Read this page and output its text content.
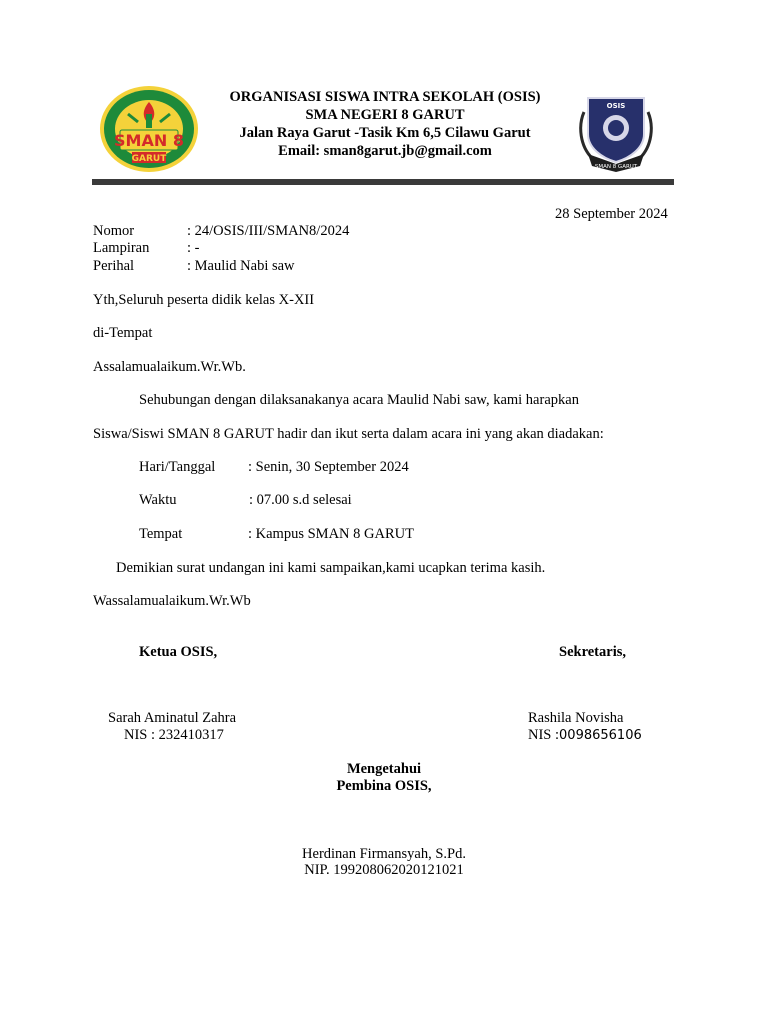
SMAN 8
GARUT
OSIS
SMAN 8 GARUT
ORGANISASI SISWA INTRA SEKOLAH (OSIS)
SMA NEGERI 8 GARUT
Jalan Raya Garut -Tasik Km 6,5 Cilawu Garut
Email: sman8garut.jb@gmail.com
28 September 2024
Nomor	: 24/OSIS/III/SMAN8/2024
Lampiran	: -
Perihal	: Maulid Nabi saw
Yth,Seluruh peserta didik kelas X-XII
di-Tempat
Assalamualaikum.Wr.Wb.
Sehubungan dengan dilaksanakanya acara Maulid Nabi saw, kami harapkan
Siswa/Siswi SMAN 8 GARUT hadir dan ikut serta dalam acara ini yang akan diadakan:
Hari/Tanggal : Senin, 30 September 2024
Waktu	: 07.00 s.d selesai
Tempat	: Kampus SMAN 8 GARUT
Demikian surat undangan ini kami sampaikan,kami ucapkan terima kasih.
Wassalamualaikum.Wr.Wb
Ketua OSIS,	Sekretaris,
Sarah Aminatul Zahra
NIS : 232410317
Rashila Novisha
NIS :0098656106
Mengetahui
Pembina OSIS,
Herdinan Firmansyah, S.Pd.
NIP. 199208062020121021
